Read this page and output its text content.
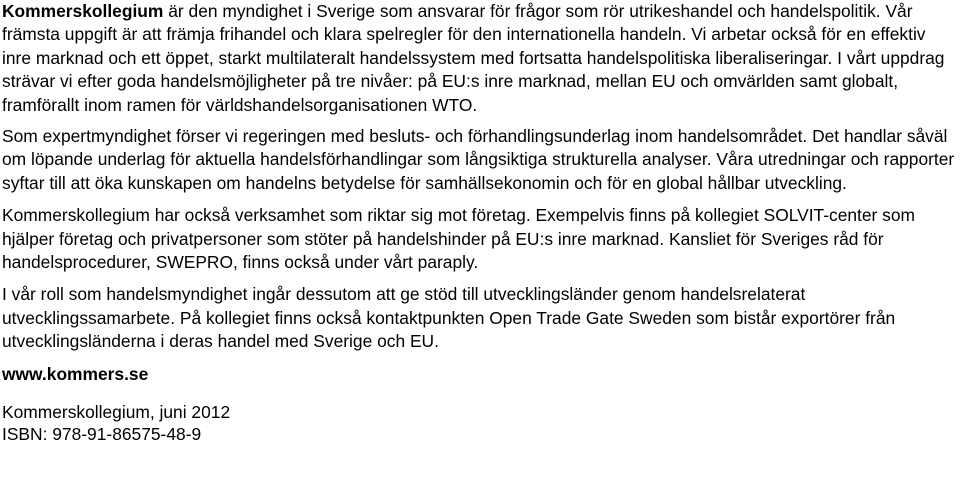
Kommerskollegium är den myndighet i Sverige som ansvarar för frågor som rör utrikeshandel och handelspolitik. Vår främsta uppgift är att främja frihandel och klara spelregler för den internationella handeln. Vi arbetar också för en effektiv inre marknad och ett öppet, starkt multilateralt handelssystem med fortsatta handelspolitiska liberaliseringar. I vårt uppdrag strävar vi efter goda handelsmöjligheter på tre nivåer: på EU:s inre marknad, mellan EU och omvärlden samt globalt, framförallt inom ramen för världshandelsorganisationen WTO.

Som expertmyndighet förser vi regeringen med besluts- och förhandlingsunderlag inom handelsområdet. Det handlar såväl om löpande underlag för aktuella handelsförhandlingar som långsiktiga strukturella analyser. Våra utredningar och rapporter syftar till att öka kunskapen om handelns betydelse för samhällsekonomin och för en global hållbar utveckling.

Kommerskollegium har också verksamhet som riktar sig mot företag. Exempelvis finns på kollegiet SOLVIT-center som hjälper företag och privatpersoner som stöter på handelshinder på EU:s inre marknad. Kansliet för Sveriges råd för handelsprocedurer, SWEPRO, finns också under vårt paraply.

I vår roll som handelsmyndighet ingår dessutom att ge stöd till utvecklingsländer genom handelsrelaterat utvecklingssamarbete. På kollegiet finns också kontaktpunkten Open Trade Gate Sweden som bistår exportörer från utvecklingsländerna i deras handel med Sverige och EU.

www.kommers.se
Kommerskollegium, juni 2012
ISBN: 978-91-86575-48-9
